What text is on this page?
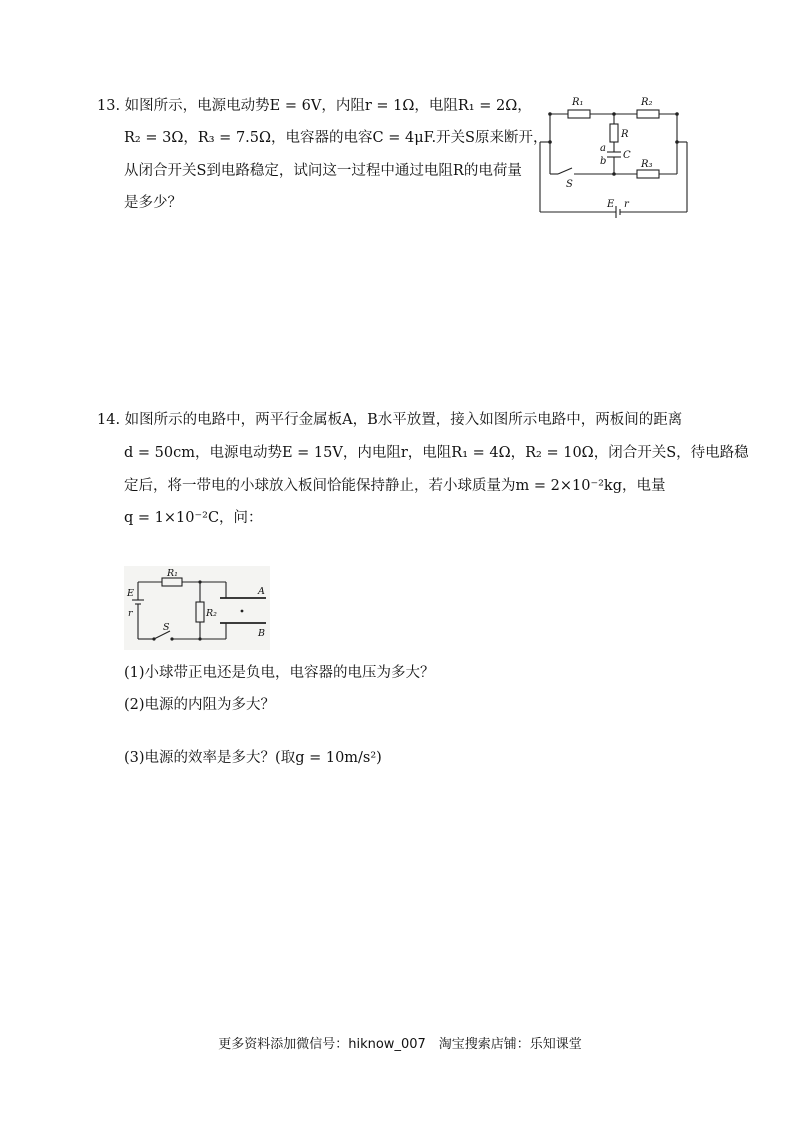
13. 如图所示，电源电动势E = 6V，内阻r = 1Ω，电阻R₁ = 2Ω，
R₂ = 3Ω，R₃ = 7.5Ω，电容器的电容C = 4μF.开关S原来断开，
从闭合开关S到电路稳定，试问这一过程中通过电阻R的电荷量
是多少？
R₁	R₂
R
a
C
b	R₃
S
E r
14. 如图所示的电路中，两平行金属板A，B水平放置，接入如图所示电路中，两板间的距离
d = 50cm，电源电动势E = 15V，内电阻r，电阻R₁ = 4Ω，R₂ = 10Ω，闭合开关S，待电路稳
定后，将一带电的小球放入板间恰能保持静止，若小球质量为m = 2×10⁻²kg，电量
q = 1×10⁻²C，问：
R₁
E
r
S
R₂
A
B
(1)小球带正电还是负电，电容器的电压为多大？
(2)电源的内阻为多大？
(3)电源的效率是多大？(取g = 10m/s²)
更多资料添加微信号：hiknow_007　淘宝搜索店铺：乐知课堂
